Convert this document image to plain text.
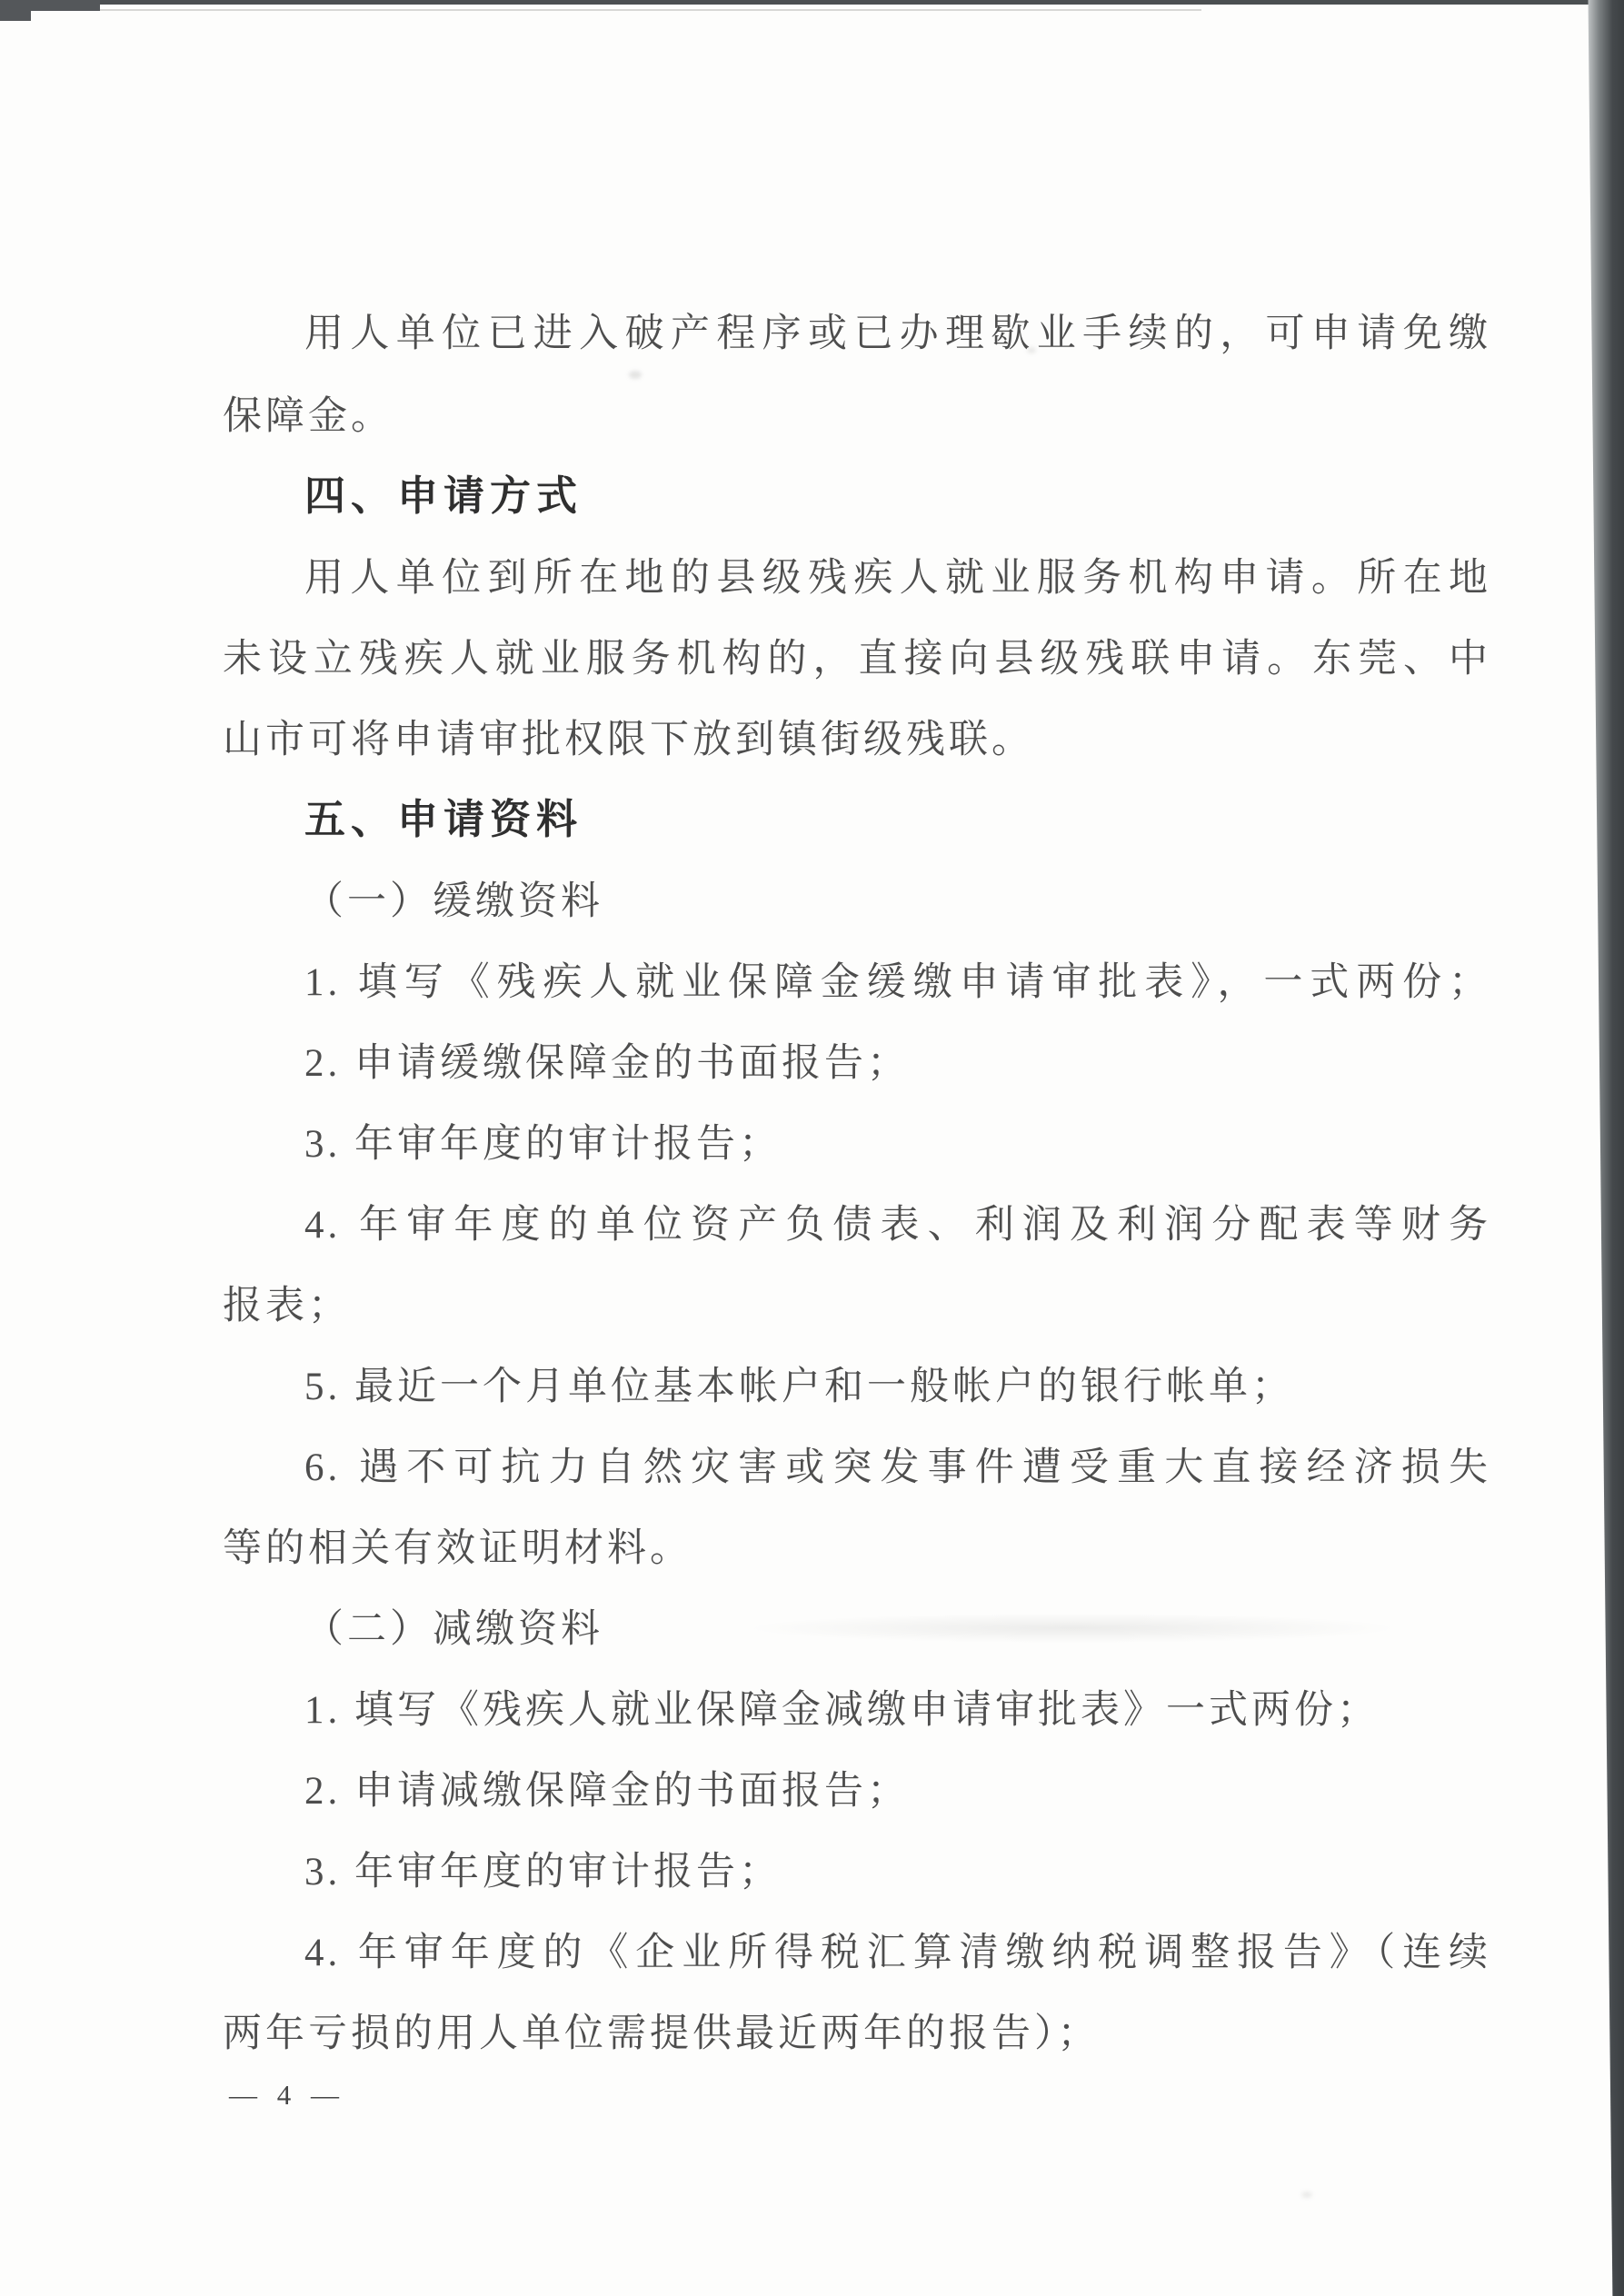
用人单位已进入破产程序或已办理歇业手续的，可申请免缴
保障金。
四、申请方式
用人单位到所在地的县级残疾人就业服务机构申请。所在地
未设立残疾人就业服务机构的，直接向县级残联申请。东莞、中
山市可将申请审批权限下放到镇街级残联。
五、申请资料
（一）缓缴资料
1. 填写《残疾人就业保障金缓缴申请审批表》，一式两份；
2. 申请缓缴保障金的书面报告；
3. 年审年度的审计报告；
4. 年审年度的单位资产负债表、利润及利润分配表等财务
报表；
5. 最近一个月单位基本帐户和一般帐户的银行帐单；
6. 遇不可抗力自然灾害或突发事件遭受重大直接经济损失
等的相关有效证明材料。
（二）减缴资料
1. 填写《残疾人就业保障金减缴申请审批表》一式两份；
2. 申请减缴保障金的书面报告；
3. 年审年度的审计报告；
4. 年审年度的《企业所得税汇算清缴纳税调整报告》（连续
两年亏损的用人单位需提供最近两年的报告）；
— 4 —
